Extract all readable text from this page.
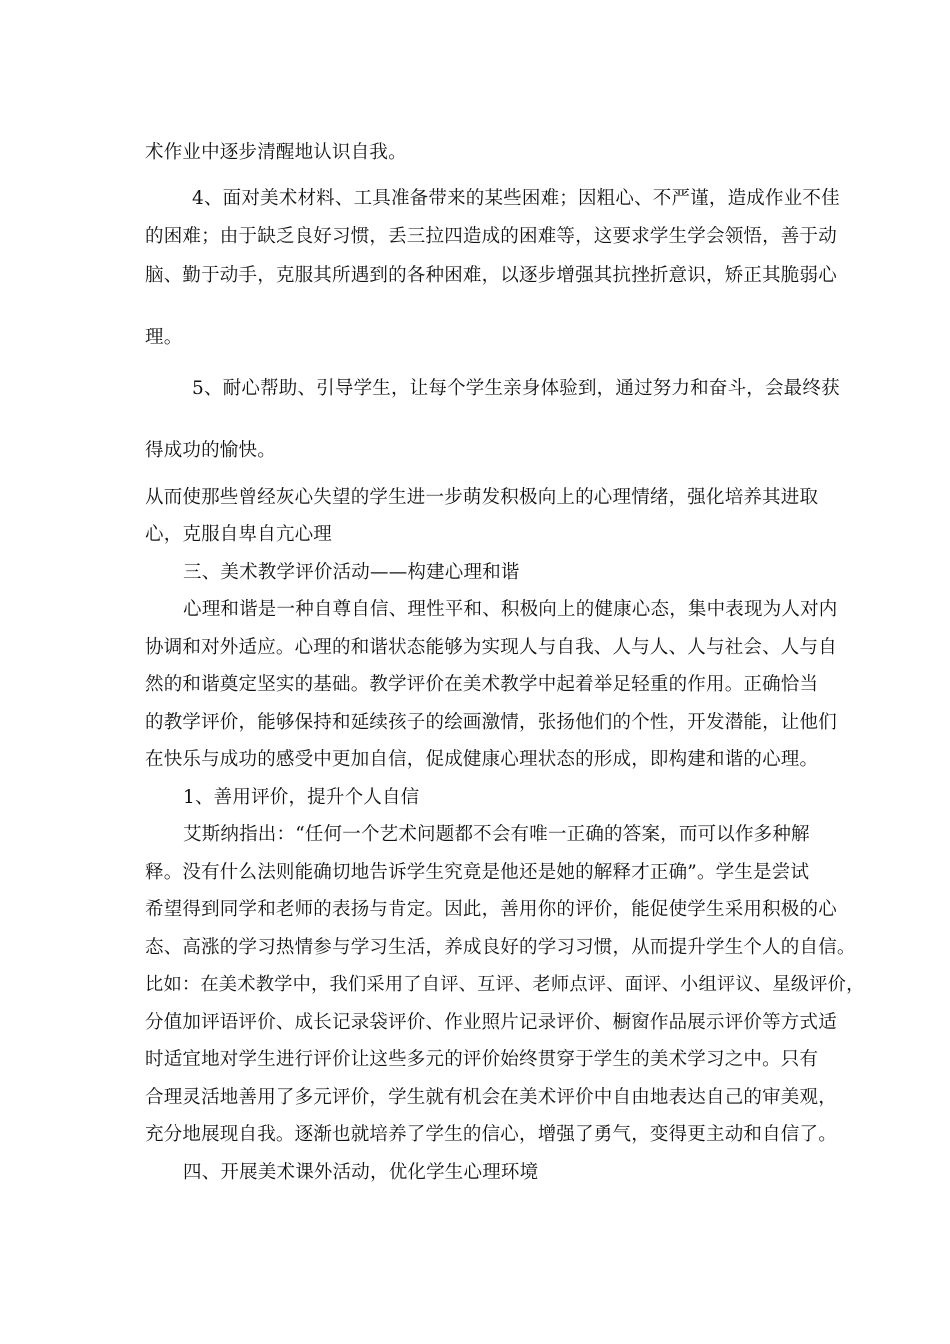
术作业中逐步清醒地认识自我。
4、面对美术材料、工具准备带来的某些困难；因粗心、不严谨，造成作业不佳
的困难；由于缺乏良好习惯，丢三拉四造成的困难等，这要求学生学会领悟，善于动
脑、勤于动手，克服其所遇到的各种困难，以逐步增强其抗挫折意识，矫正其脆弱心
理。
5、耐心帮助、引导学生，让每个学生亲身体验到，通过努力和奋斗，会最终获
得成功的愉快。
从而使那些曾经灰心失望的学生进一步萌发积极向上的心理情绪，强化培养其进取
心，克服自卑自亢心理
三、美术教学评价活动——构建心理和谐
心理和谐是一种自尊自信、理性平和、积极向上的健康心态，集中表现为人对内
协调和对外适应。心理的和谐状态能够为实现人与自我、人与人、人与社会、人与自
然的和谐奠定坚实的基础。教学评价在美术教学中起着举足轻重的作用。正确恰当
的教学评价，能够保持和延续孩子的绘画激情，张扬他们的个性，开发潜能，让他们
在快乐与成功的感受中更加自信，促成健康心理状态的形成，即构建和谐的心理。
1、善用评价，提升个人自信
艾斯纳指出：“任何一个艺术问题都不会有唯一正确的答案，而可以作多种解
释。没有什么法则能确切地告诉学生究竟是他还是她的解释才正确”。学生是尝试
希望得到同学和老师的表扬与肯定。因此，善用你的评价，能促使学生采用积极的心
态、高涨的学习热情参与学习生活，养成良好的学习习惯，从而提升学生个人的自信。
比如：在美术教学中，我们采用了自评、互评、老师点评、面评、小组评议、星级评价，
分值加评语评价、成长记录袋评价、作业照片记录评价、橱窗作品展示评价等方式适
时适宜地对学生进行评价让这些多元的评价始终贯穿于学生的美术学习之中。只有
合理灵活地善用了多元评价，学生就有机会在美术评价中自由地表达自己的审美观，
充分地展现自我。逐渐也就培养了学生的信心，增强了勇气，变得更主动和自信了。
四、开展美术课外活动，优化学生心理环境
